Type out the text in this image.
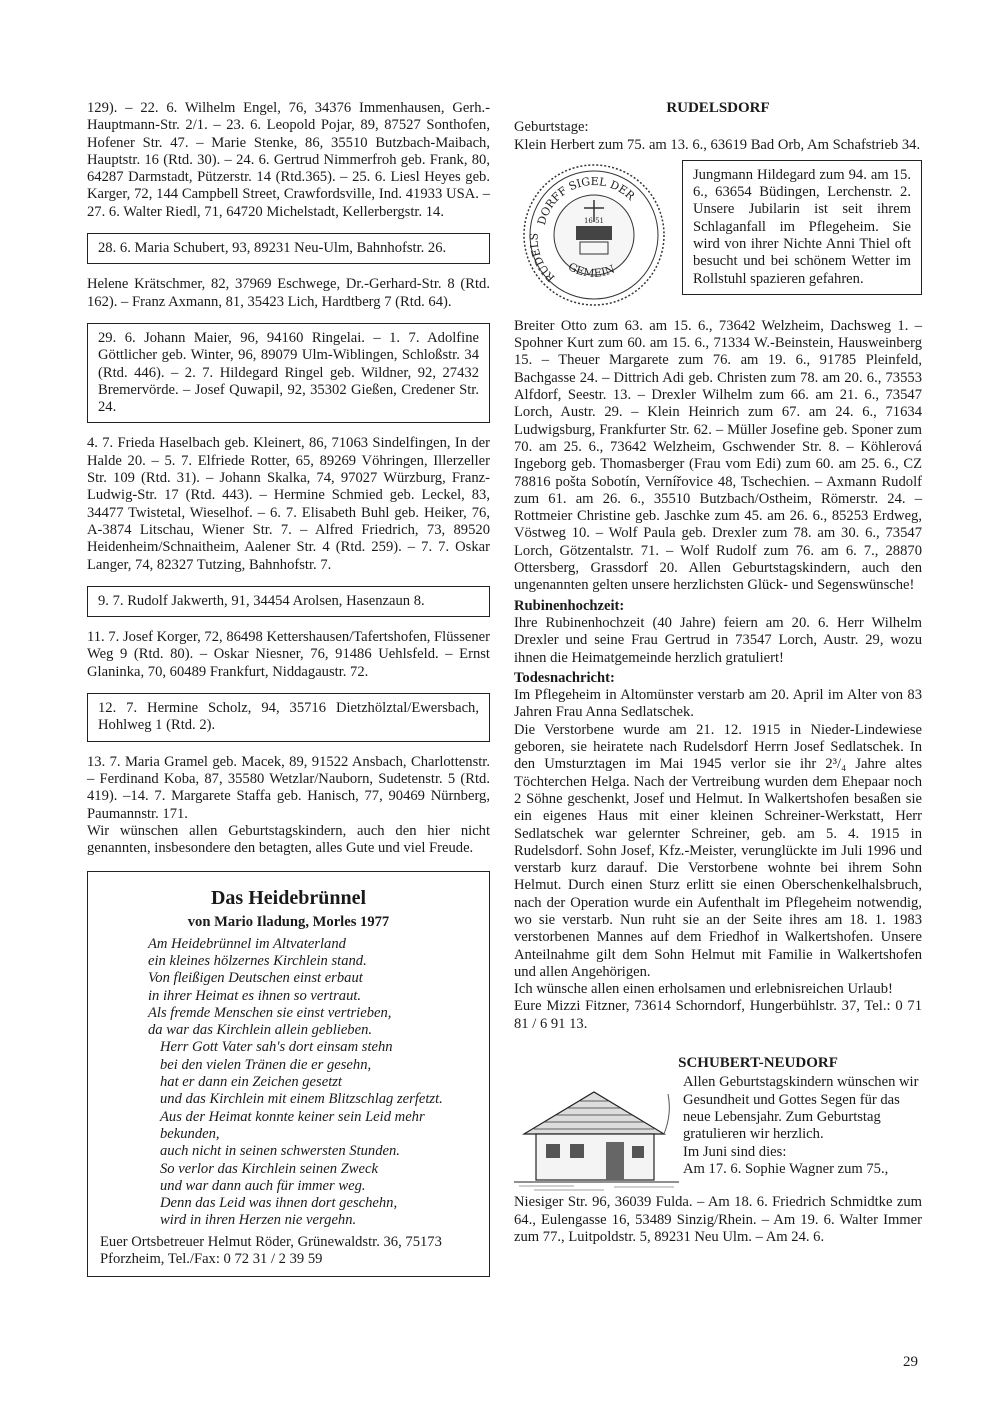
129). – 22. 6. Wilhelm Engel, 76, 34376 Immenhausen, Gerh.-Hauptmann-Str. 2/1. – 23. 6. Leopold Pojar, 89, 87527 Sonthofen, Hofener Str. 47. – Marie Stenke, 86, 35510 Butzbach-Maibach, Hauptstr. 16 (Rtd. 30). – 24. 6. Gertrud Nimmerfroh geb. Frank, 80, 64287 Darmstadt, Pützerstr. 14 (Rtd.365). – 25. 6. Liesl Heyes geb. Karger, 72, 144 Campbell Street, Crawfordsville, Ind. 41933 USA. – 27. 6. Walter Riedl, 71, 64720 Michelstadt, Kellerbergstr. 14.

28. 6. Maria Schubert, 93, 89231 Neu-Ulm, Bahnhofstr. 26.

Helene Krätschmer, 82, 37969 Eschwege, Dr.-Gerhard-Str. 8 (Rtd. 162). – Franz Axmann, 81, 35423 Lich, Hardtberg 7 (Rtd. 64).

29. 6. Johann Maier, 96, 94160 Ringelai. – 1. 7. Adolfine Göttlicher geb. Winter, 96, 89079 Ulm-Wiblingen, Schloßstr. 34 (Rtd. 446). – 2. 7. Hildegard Ringel geb. Wildner, 92, 27432 Bremervörde. – Josef Quwapil, 92, 35302 Gießen, Credener Str. 24.

4. 7. Frieda Haselbach geb. Kleinert, 86, 71063 Sindelfingen, In der Halde 20. – 5. 7. Elfriede Rotter, 65, 89269 Vöhringen, Illerzeller Str. 109 (Rtd. 31). – Johann Skalka, 74, 97027 Würzburg, Franz-Ludwig-Str. 17 (Rtd. 443). – Hermine Schmied geb. Leckel, 83, 34477 Twistetal, Wieselhof. – 6. 7. Elisabeth Buhl geb. Heiker, 76, A-3874 Litschau, Wiener Str. 7. – Alfred Friedrich, 73, 89520 Heidenheim/Schnaitheim, Aalener Str. 4 (Rtd. 259). – 7. 7. Oskar Langer, 74, 82327 Tutzing, Bahnhofstr. 7.

9. 7. Rudolf Jakwerth, 91, 34454 Arolsen, Hasenzaun 8.

11. 7. Josef Korger, 72, 86498 Kettershausen/Tafertshofen, Flüssener Weg 9 (Rtd. 80). – Oskar Niesner, 76, 91486 Uehlsfeld. – Ernst Glaninka, 70, 60489 Frankfurt, Niddagaustr. 72.

12. 7. Hermine Scholz, 94, 35716 Dietzhölztal/Ewersbach, Hohlweg 1 (Rtd. 2).

13. 7. Maria Gramel geb. Macek, 89, 91522 Ansbach, Charlottenstr. – Ferdinand Koba, 87, 35580 Wetzlar/Nauborn, Sudetenstr. 5 (Rtd. 419). –14. 7. Margarete Staffa geb. Hanisch, 77, 90469 Nürnberg, Paumannstr. 171.

Wir wünschen allen Geburtstagskindern, auch den hier nicht genannten, insbesondere den betagten, alles Gute und viel Freude.

Das Heidebrünnel
von Mario Iladung, Morles 1977
Am Heidebrünnel im Altvaterland
ein kleines hölzernes Kirchlein stand.
Von fleißigen Deutschen einst erbaut
in ihrer Heimat es ihnen so vertraut.
Als fremde Menschen sie einst vertrieben,
da war das Kirchlein allein geblieben.
Herr Gott Vater sah's dort einsam stehn
bei den vielen Tränen die er gesehn,
hat er dann ein Zeichen gesetzt
und das Kirchlein mit einem Blitzschlag zerfetzt.
Aus der Heimat konnte keiner sein Leid mehr bekunden,
auch nicht in seinen schwersten Stunden.
So verlor das Kirchlein seinen Zweck
und war dann auch für immer weg.
Denn das Leid was ihnen dort geschehn,
wird in ihren Herzen nie vergehn.
Euer Ortsbetreuer Helmut Röder, Grünewaldstr. 36, 75173
Pforzheim, Tel./Fax: 0 72 31 / 2 39 59
RUDELSDORF

Geburtstage:

Klein Herbert zum 75. am 13. 6., 63619 Bad Orb, Am Schafstrieb 34.

DORFF SIGEL DER
RUDELS
GEMEIN
16 51

Jungmann Hildegard zum 94. am 15. 6., 63654 Büdingen, Lerchenstr. 2. Unsere Jubilarin ist seit ihrem Schlaganfall im Pflegeheim. Sie wird von ihrer Nichte Anni Thiel oft besucht und bei schönem Wetter im Rollstuhl spazieren gefahren.

Breiter Otto zum 63. am 15. 6., 73642 Welzheim, Dachsweg 1. – Spohner Kurt zum 60. am 15. 6., 71334 W.-Beinstein, Hausweinberg 15. – Theuer Margarete zum 76. am 19. 6., 91785 Pleinfeld, Bachgasse 24. – Dittrich Adi geb. Christen zum 78. am 20. 6., 73553 Alfdorf, Seestr. 13. – Drexler Wilhelm zum 66. am 21. 6., 73547 Lorch, Austr. 29. – Klein Heinrich zum 67. am 24. 6., 71634 Ludwigsburg, Frankfurter Str. 62. – Müller Josefine geb. Sponer zum 70. am 25. 6., 73642 Welzheim, Gschwender Str. 8. – Köhlerová Ingeborg geb. Thomasberger (Frau vom Edi) zum 60. am 25. 6., CZ 78816 pošta Sobotín, Vernířovice 48, Tschechien. – Axmann Rudolf zum 61. am 26. 6., 35510 Butzbach/Ostheim, Römerstr. 24. – Rottmeier Christine geb. Jaschke zum 45. am 26. 6., 85253 Erdweg, Vöstweg 10. – Wolf Paula geb. Drexler zum 78. am 30. 6., 73547 Lorch, Götzentalstr. 71. – Wolf Rudolf zum 76. am 6. 7., 28870 Ottersberg, Grassdorf 20. Allen Geburtstagskindern, auch den ungenannten gelten unsere herzlichsten Glück- und Segenswünsche!

Rubinenhochzeit:

Ihre Rubinenhochzeit (40 Jahre) feiern am 20. 6. Herr Wilhelm Drexler und seine Frau Gertrud in 73547 Lorch, Austr. 29, wozu ihnen die Heimatgemeinde herzlich gratuliert!

Todesnachricht:

Im Pflegeheim in Altomünster verstarb am 20. April im Alter von 83 Jahren Frau Anna Sedlatschek.

Die Verstorbene wurde am 21. 12. 1915 in Nieder-Lindewiese geboren, sie heiratete nach Rudelsdorf Herrn Josef Sedlatschek. In den Umsturztagen im Mai 1945 verlor sie ihr 2³/₄ Jahre altes Töchterchen Helga. Nach der Vertreibung wurden dem Ehepaar noch 2 Söhne geschenkt, Josef und Helmut. In Walkertshofen besaßen sie ein eigenes Haus mit einer kleinen Schreiner-Werkstatt, Herr Sedlatschek war gelernter Schreiner, geb. am 5. 4. 1915 in Rudelsdorf. Sohn Josef, Kfz.-Meister, verunglückte im Juli 1996 und verstarb kurz darauf. Die Verstorbene wohnte bei ihrem Sohn Helmut. Durch einen Sturz erlitt sie einen Oberschenkelhalsbruch, nach der Operation wurde ein Aufenthalt im Pflegeheim notwendig, wo sie verstarb. Nun ruht sie an der Seite ihres am 18. 1. 1983 verstorbenen Mannes auf dem Friedhof in Walkertshofen. Unsere Anteilnahme gilt dem Sohn Helmut mit Familie in Walkertshofen und allen Angehörigen.

Ich wünsche allen einen erholsamen und erlebnisreichen Urlaub!

Eure Mizzi Fitzner, 73614 Schorndorf, Hungerbühlstr. 37, Tel.: 0 71 81 / 6 91 13.

SCHUBERT-NEUDORF

Allen Geburtstagskindern wünschen wir Gesundheit und Gottes Segen für das neue Lebensjahr. Zum Geburtstag gratulieren wir herzlich.

Im Juni sind dies:

Am 17. 6. Sophie Wagner zum 75.,

Niesiger Str. 96, 36039 Fulda. – Am 18. 6. Friedrich Schmidtke zum 64., Eulengasse 16, 53489 Sinzig/Rhein. – Am 19. 6. Walter Immer zum 77., Luitpoldstr. 5, 89231 Neu Ulm. – Am 24. 6.

29
